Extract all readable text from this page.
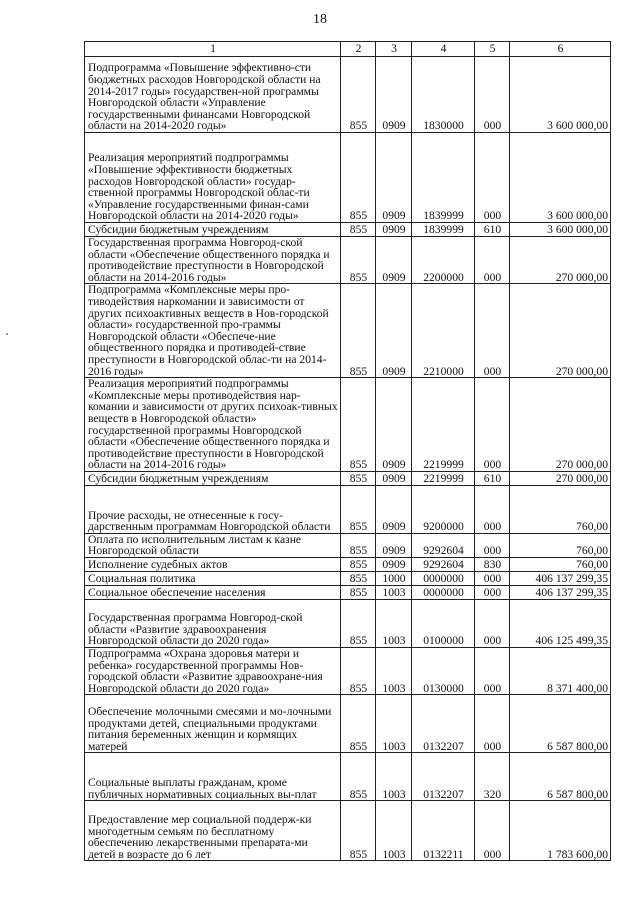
18
1	2	3	4	5	6
Подпрограмма «Повышение эффективно-сти бюджетных расходов Новгородской области на 2014-2017 годы» государствен-ной программы Новгородской области «Управление государственными финансами Новгородской области на 2014-2020 годы»	855	0909	1830000	000	3 600 000,00
Реализация мероприятий подпрограммы «Повышение эффективности бюджетных расходов Новгородской области» государ-ственной программы Новгородской облас-ти «Управление государственными финан-сами Новгородской области на 2014-2020 годы»	855	0909	1839999	000	3 600 000,00
Субсидии бюджетным учреждениям	855	0909	1839999	610	3 600 000,00
Государственная программа Новгород-ской области «Обеспечение общественного порядка и противодействие преступности в Новгородской области на 2014-2016 годы»	855	0909	2200000	000	270 000,00
Подпрограмма «Комплексные меры про-тиводействия наркомании и зависимости от других психоактивных веществ в Нов-городской области» государственной про-граммы Новгородской области «Обеспече-ние общественного порядка и противодей-ствие преступности в Новгородской облас-ти на 2014-2016 годы»	855	0909	2210000	000	270 000,00
Реализация мероприятий подпрограммы «Комплексные меры противодействия нар-комании и зависимости от других психоак-тивных веществ в Новгородской области» государственной программы Новгородской области «Обеспечение общественного порядка и противодействие преступности в Новгородской области на 2014-2016 годы»	855	0909	2219999	000	270 000,00
Субсидии бюджетным учреждениям	855	0909	2219999	610	270 000,00
Прочие расходы, не отнесенные к госу-дарственным программам Новгородской области	855	0909	9200000	000	760,00
Оплата по исполнительным листам к казне Новгородской области	855	0909	9292604	000	760,00
Исполнение судебных актов	855	0909	9292604	830	760,00
Социальная политика	855	1000	0000000	000	406 137 299,35
Социальное обеспечение населения	855	1003	0000000	000	406 137 299,35
Государственная программа Новгород-ской области «Развитие здравоохранения Новгородской области до 2020 года»	855	1003	0100000	000	406 125 499,35
Подпрограмма «Охрана здоровья матери и ребенка» государственной программы Нов-городской области «Развитие здравоохране-ния Новгородской области до 2020 года»	855	1003	0130000	000	8 371 400,00
Обеспечение молочными смесями и мо-лочными продуктами детей, специальными продуктами питания беременных женщин и кормящих матерей	855	1003	0132207	000	6 587 800,00
Социальные выплаты гражданам, кроме публичных нормативных социальных вы-плат	855	1003	0132207	320	6 587 800,00
Предоставление мер социальной поддерж-ки многодетным семьям по бесплатному обеспечению лекарственными препарата-ми детей в возрасте до 6 лет	855	1003	0132211	000	1 783 600,00
